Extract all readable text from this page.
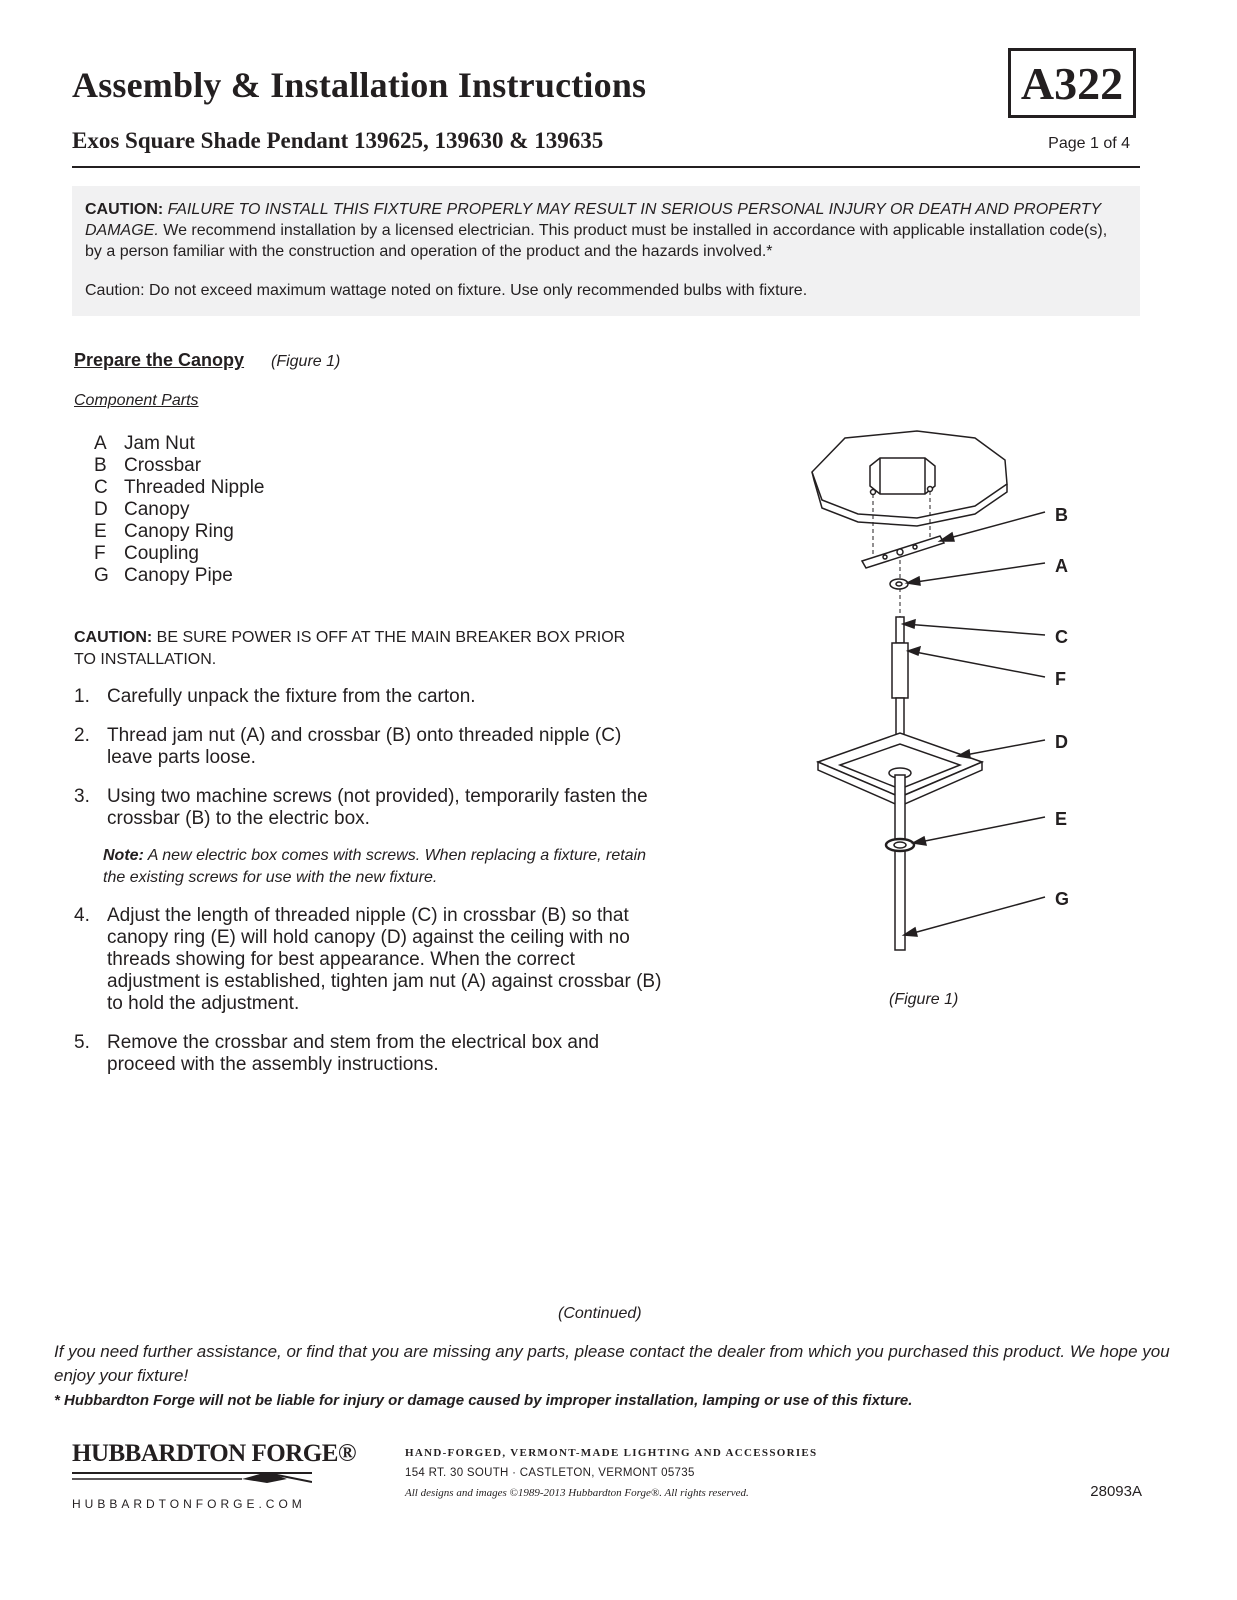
Assembly & Installation Instructions
Exos Square Shade Pendant 139625, 139630 & 139635
A322
Page 1 of 4

CAUTION: FAILURE TO INSTALL THIS FIXTURE PROPERLY MAY RESULT IN SERIOUS PERSONAL INJURY OR DEATH AND PROPERTY DAMAGE. We recommend installation by a licensed electrician. This product must be installed in accordance with applicable installation code(s), by a person familiar with the construction and operation of the product and the hazards involved.*

Caution: Do not exceed maximum wattage noted on fixture. Use only recommended bulbs with fixture.

Prepare the Canopy (Figure 1)
Component Parts
A Jam Nut
B Crossbar
C Threaded Nipple
D Canopy
E Canopy Ring
F Coupling
G Canopy Pipe
CAUTION: BE SURE POWER IS OFF AT THE MAIN BREAKER BOX PRIOR TO INSTALLATION.
1. Carefully unpack the fixture from the carton.
2. Thread jam nut (A) and crossbar (B) onto threaded nipple (C) leave parts loose.
3. Using two machine screws (not provided), temporarily fasten the crossbar (B) to the electric box.
Note: A new electric box comes with screws. When replacing a fixture, retain the existing screws for use with the new fixture.
4. Adjust the length of threaded nipple (C) in crossbar (B) so that canopy ring (E) will hold canopy (D) against the ceiling with no threads showing for best appearance. When the correct adjustment is established, tighten jam nut (A) against crossbar (B) to hold the adjustment.
5. Remove the crossbar and stem from the electrical box and proceed with the assembly instructions.
B
A
C
F
D
E
G
(Figure 1)
(Continued)
If you need further assistance, or find that you are missing any parts, please contact the dealer from which you purchased this product. We hope you enjoy your fixture!
* Hubbardton Forge will not be liable for injury or damage caused by improper installation, lamping or use of this fixture.
HUBBARDTON FORGE®
HUBBARDTONFORGE.COM
HAND-FORGED, VERMONT-MADE LIGHTING AND ACCESSORIES
154 RT. 30 SOUTH · CASTLETON, VERMONT 05735
All designs and images ©1989-2013 Hubbardton Forge®. All rights reserved.	28093A
